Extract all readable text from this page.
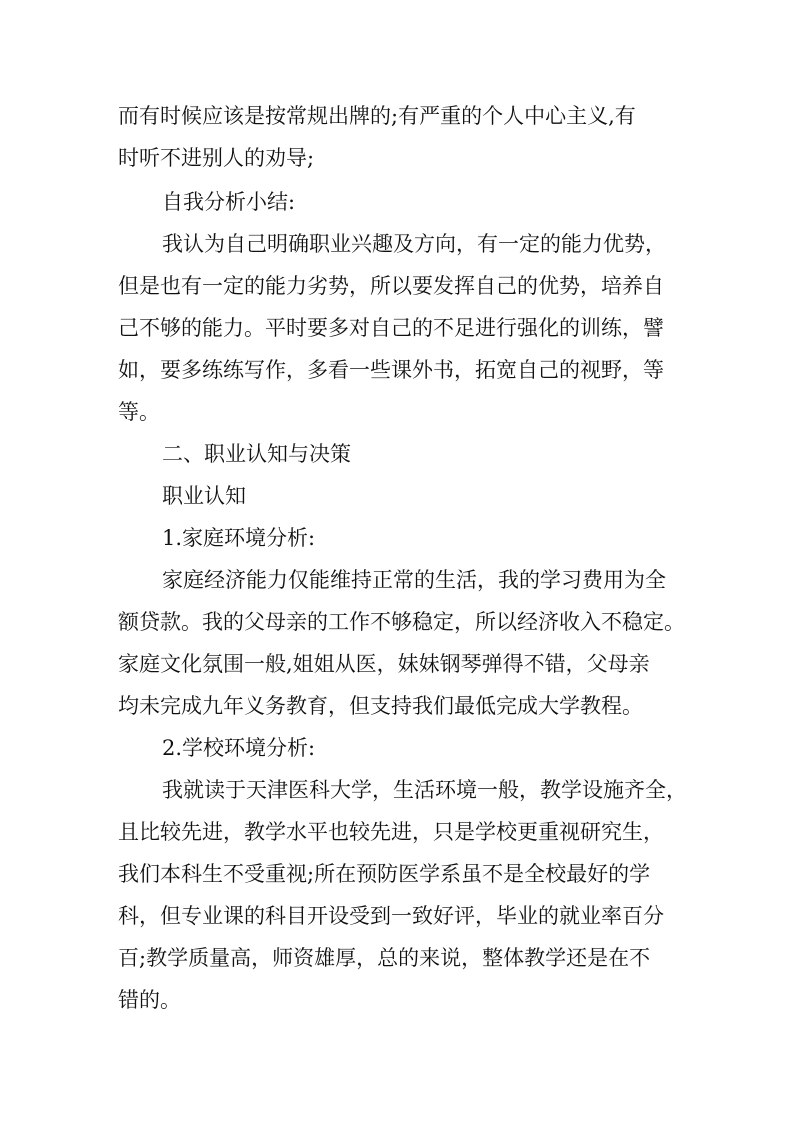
而有时候应该是按常规出牌的;有严重的个人中心主义,有
时听不进别人的劝导;
自我分析小结:
我认为自己明确职业兴趣及方向，有一定的能力优势，
但是也有一定的能力劣势，所以要发挥自己的优势，培养自
己不够的能力。平时要多对自己的不足进行强化的训练，譬
如，要多练练写作，多看一些课外书，拓宽自己的视野，等
等。
二、职业认知与决策
职业认知
1.家庭环境分析:
家庭经济能力仅能维持正常的生活，我的学习费用为全
额贷款。我的父母亲的工作不够稳定，所以经济收入不稳定。
家庭文化氛围一般,姐姐从医，妹妹钢琴弹得不错，父母亲
均未完成九年义务教育，但支持我们最低完成大学教程。
2.学校环境分析:
我就读于天津医科大学，生活环境一般，教学设施齐全，
且比较先进，教学水平也较先进，只是学校更重视研究生，
我们本科生不受重视;所在预防医学系虽不是全校最好的学
科，但专业课的科目开设受到一致好评，毕业的就业率百分
百;教学质量高，师资雄厚，总的来说，整体教学还是在不
错的。
